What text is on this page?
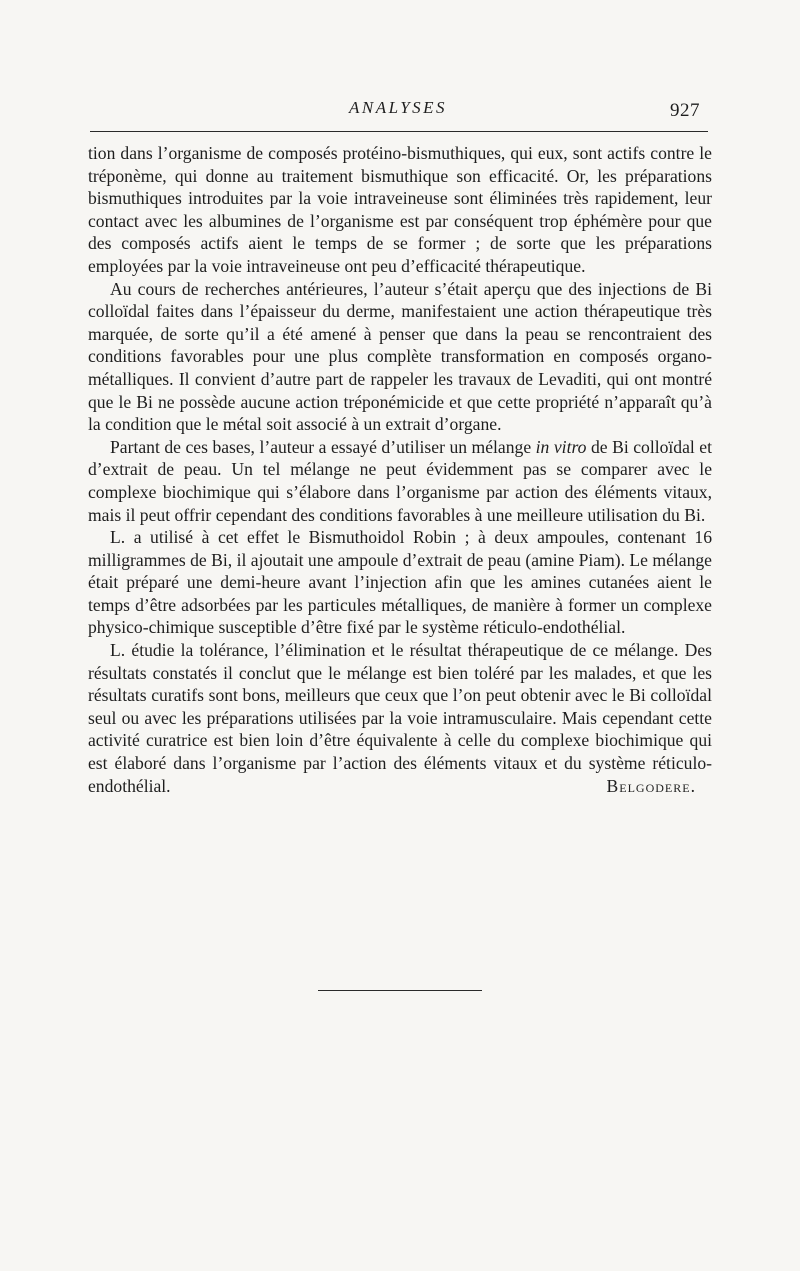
ANALYSES	927

tion dans l’organisme de composés protéino-bismuthiques, qui eux, sont actifs contre le tréponème, qui donne au traitement bismuthique son efficacité. Or, les préparations bismuthiques introduites par la voie intraveineuse sont éliminées très rapidement, leur contact avec les albumines de l’organisme est par conséquent trop éphémère pour que des composés actifs aient le temps de se former ; de sorte que les préparations employées par la voie intraveineuse ont peu d’efficacité thérapeutique.

Au cours de recherches antérieures, l’auteur s’était aperçu que des injections de Bi colloïdal faites dans l’épaisseur du derme, manifestaient une action thérapeutique très marquée, de sorte qu’il a été amené à penser que dans la peau se rencontraient des conditions favorables pour une plus complète transformation en composés organo-métalliques. Il convient d’autre part de rappeler les travaux de Levaditi, qui ont montré que le Bi ne possède aucune action tréponémicide et que cette propriété n’apparaît qu’à la condition que le métal soit associé à un extrait d’organe.

Partant de ces bases, l’auteur a essayé d’utiliser un mélange in vitro de Bi colloïdal et d’extrait de peau. Un tel mélange ne peut évidemment pas se comparer avec le complexe biochimique qui s’élabore dans l’organisme par action des éléments vitaux, mais il peut offrir cependant des conditions favorables à une meilleure utilisation du Bi.

L. a utilisé à cet effet le Bismuthoidol Robin ; à deux ampoules, contenant 16 milligrammes de Bi, il ajoutait une ampoule d’extrait de peau (amine Piam). Le mélange était préparé une demi-heure avant l’injection afin que les amines cutanées aient le temps d’être adsorbées par les particules métalliques, de manière à former un complexe physico-chimique susceptible d’être fixé par le système réticulo-endothélial.

L. étudie la tolérance, l’élimination et le résultat thérapeutique de ce mélange. Des résultats constatés il conclut que le mélange est bien toléré par les malades, et que les résultats curatifs sont bons, meilleurs que ceux que l’on peut obtenir avec le Bi colloïdal seul ou avec les préparations utilisées par la voie intramusculaire. Mais cependant cette activité curatrice est bien loin d’être équivalente à celle du complexe biochimique qui est élaboré dans l’organisme par l’action des éléments vitaux et du système réticulo-endothélial.	Belgodere.
